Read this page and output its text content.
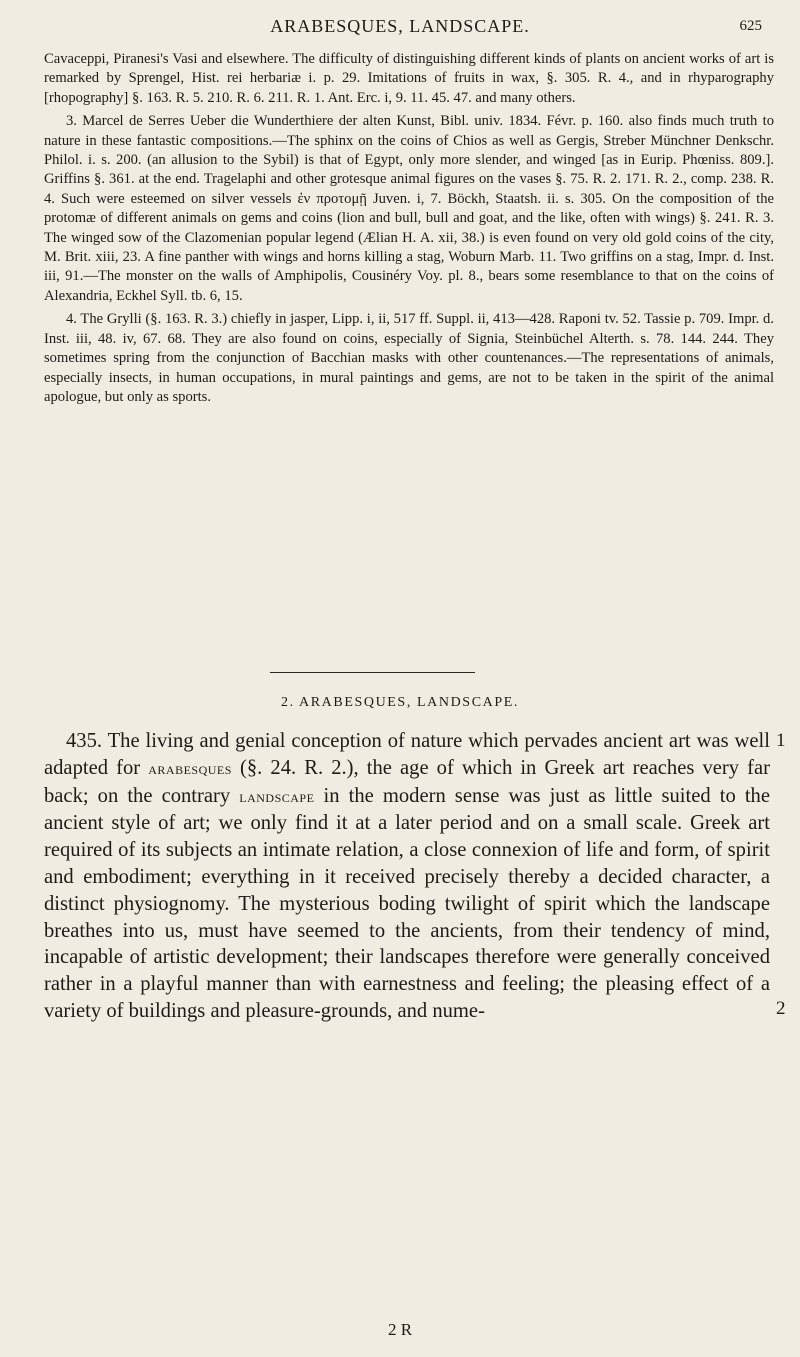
ARABESQUES, LANDSCAPE.	625

Cavaceppi, Piranesi's Vasi and elsewhere. The difficulty of distinguishing different kinds of plants on ancient works of art is remarked by Sprengel, Hist. rei herbariæ i. p. 29. Imitations of fruits in wax, §. 305. R. 4., and in rhyparography [rhopography] §. 163. R. 5. 210. R. 6. 211. R. 1. Ant. Erc. i, 9. 11. 45. 47. and many others.

3. Marcel de Serres Ueber die Wunderthiere der alten Kunst, Bibl. univ. 1834. Févr. p. 160. also finds much truth to nature in these fantastic compositions.—The sphinx on the coins of Chios as well as Gergis, Streber Münchner Denkschr. Philol. i. s. 200. (an allusion to the Sybil) is that of Egypt, only more slender, and winged [as in Eurip. Phœniss. 809.]. Griffins §. 361. at the end. Tragelaphi and other grotesque animal figures on the vases §. 75. R. 2. 171. R. 2., comp. 238. R. 4. Such were esteemed on silver vessels ἐν προτομῇ Juven. i, 7. Böckh, Staatsh. ii. s. 305. On the composition of the protomæ of different animals on gems and coins (lion and bull, bull and goat, and the like, often with wings) §. 241. R. 3. The winged sow of the Clazomenian popular legend (Ælian H. A. xii, 38.) is even found on very old gold coins of the city, M. Brit. xiii, 23. A fine panther with wings and horns killing a stag, Woburn Marb. 11. Two griffins on a stag, Impr. d. Inst. iii, 91.—The monster on the walls of Amphipolis, Cousinéry Voy. pl. 8., bears some resemblance to that on the coins of Alexandria, Eckhel Syll. tb. 6, 15.

4. The Grylli (§. 163. R. 3.) chiefly in jasper, Lipp. i, ii, 517 ff. Suppl. ii, 413—428. Raponi tv. 52. Tassie p. 709. Impr. d. Inst. iii, 48. iv, 67. 68. They are also found on coins, especially of Signia, Steinbüchel Alterth. s. 78. 144. 244. They sometimes spring from the conjunction of Bacchian masks with other countenances.—The representations of animals, especially insects, in human occupations, in mural paintings and gems, are not to be taken in the spirit of the animal apologue, but only as sports.

2. ARABESQUES, LANDSCAPE.

435. The living and genial conception of nature which pervades ancient art was well adapted for arabesques (§. 24. R. 2.), the age of which in Greek art reaches very far back; on the contrary landscape in the modern sense was just as little suited to the ancient style of art; we only find it at a later period and on a small scale. Greek art required of its subjects an intimate relation, a close connexion of life and form, of spirit and embodiment; everything in it received precisely thereby a decided character, a distinct physiognomy. The mysterious boding twilight of spirit which the landscape breathes into us, must have seemed to the ancients, from their tendency of mind, incapable of artistic development; their landscapes therefore were generally conceived rather in a playful manner than with earnestness and feeling; the pleasing effect of a variety of buildings and pleasure-grounds, and nume-

1
2
2 R
